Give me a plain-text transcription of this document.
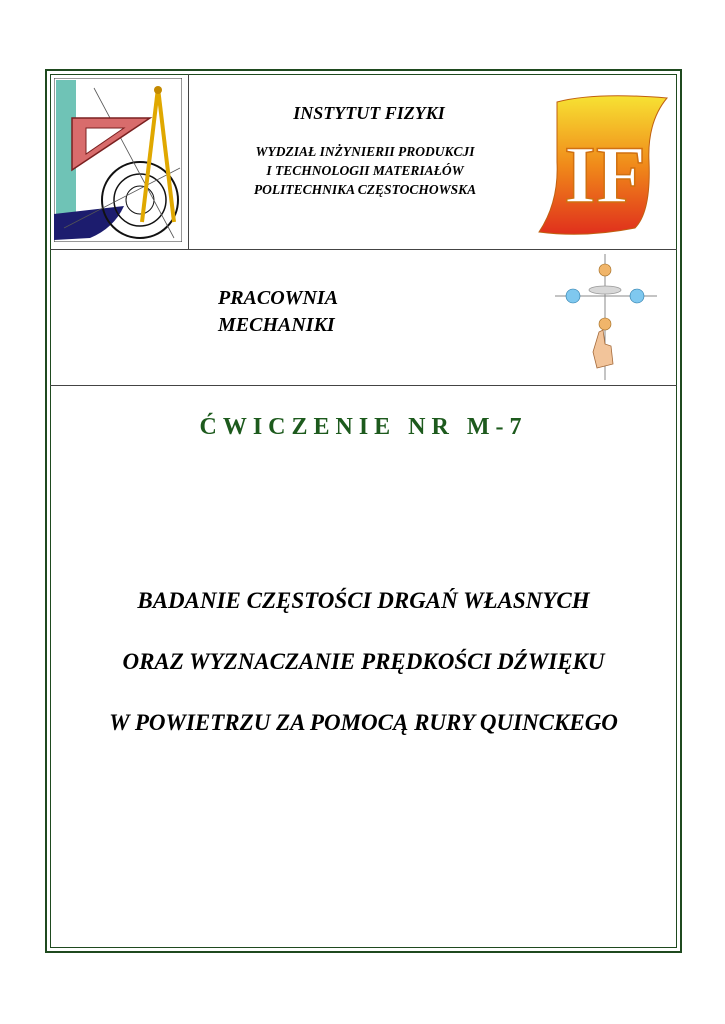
IF
INSTYTUT FIZYKI
WYDZIAŁ INŻYNIERII PRODUKCJI
I TECHNOLOGII MATERIAŁÓW
POLITECHNIKA CZĘSTOCHOWSKA
PRACOWNIA
MECHANIKI
ĆWICZENIE NR M-7
BADANIE CZĘSTOŚCI DRGAŃ WŁASNYCH
ORAZ WYZNACZANIE PRĘDKOŚCI DŹWIĘKU
W POWIETRZU ZA POMOCĄ RURY QUINCKEGO
